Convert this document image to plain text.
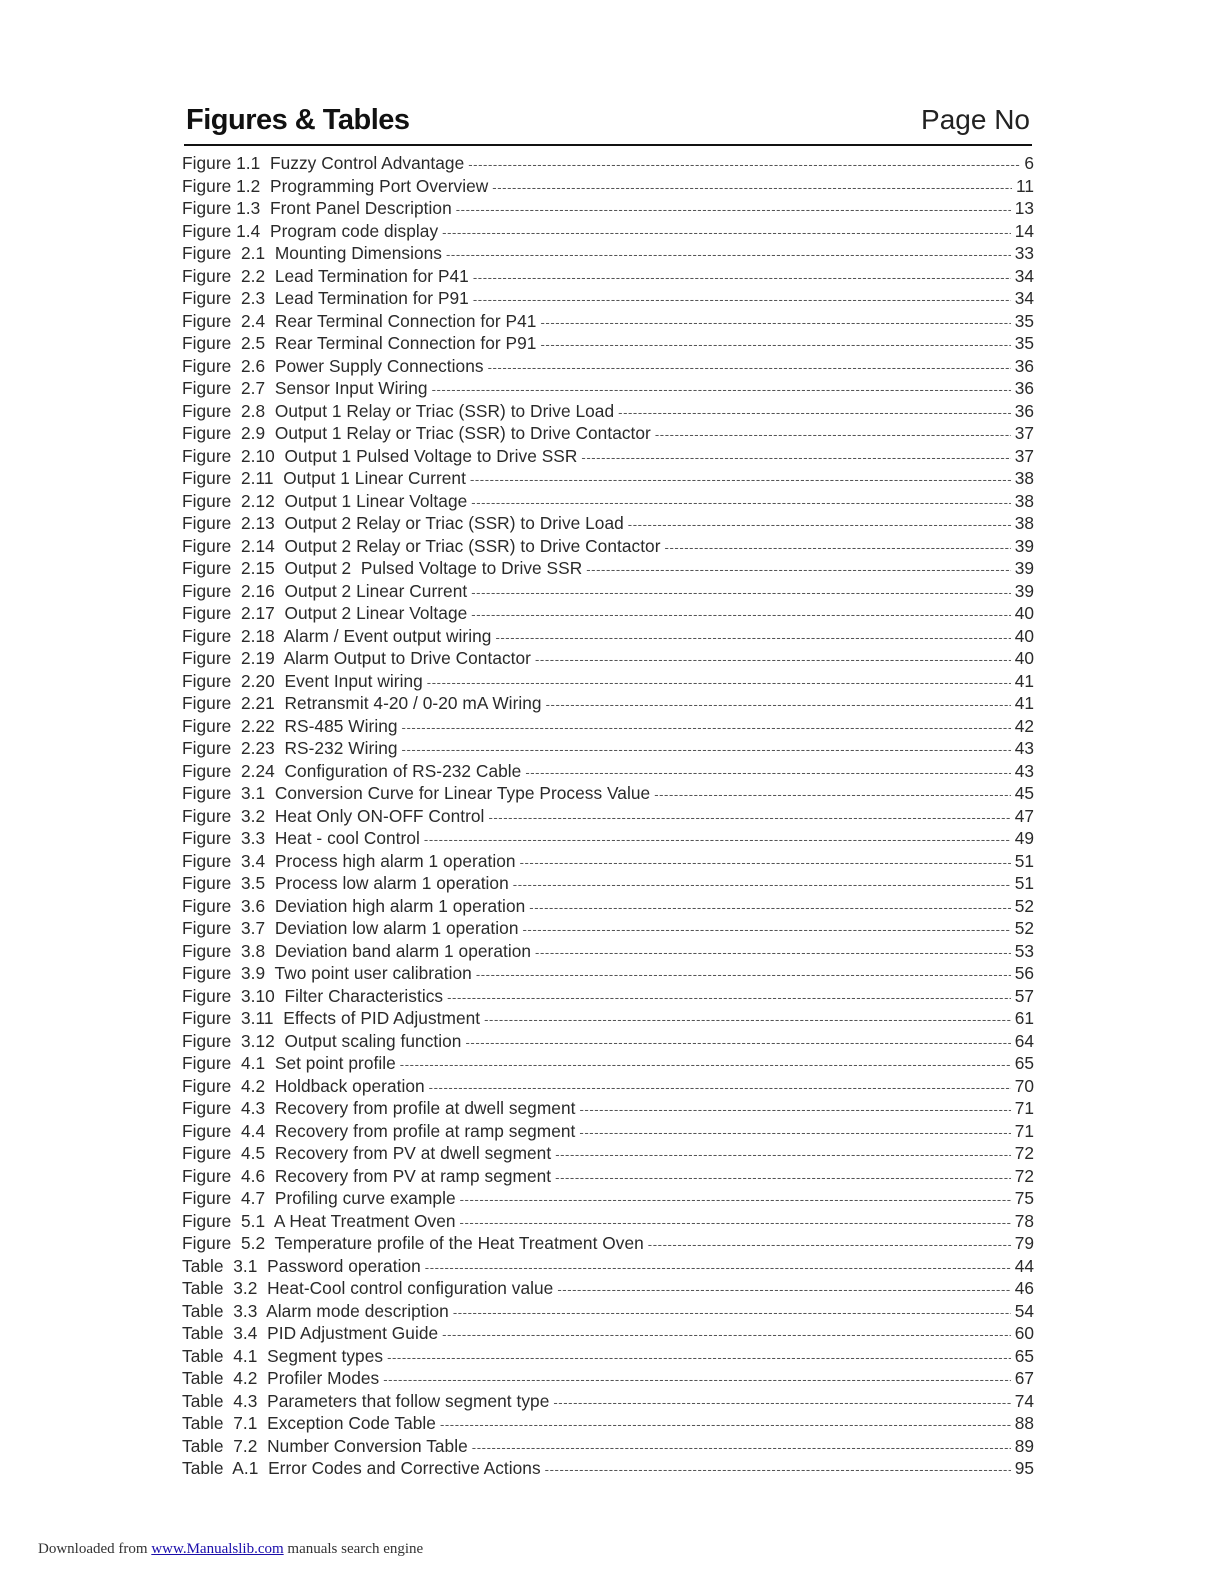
Figures & Tables	Page No
Figure 1.1  Fuzzy Control Advantage -----	6
Figure 1.2  Programming Port Overview -----	11
Figure 1.3  Front Panel Description -----	13
Figure 1.4  Program code display -----	14
Figure  2.1  Mounting Dimensions -----	33
Figure  2.2  Lead Termination for P41 -----	34
Figure  2.3  Lead Termination for P91 -----	34
Figure  2.4  Rear Terminal Connection for P41 -----	35
Figure  2.5  Rear Terminal Connection for P91 -----	35
Figure  2.6  Power Supply Connections -----	36
Figure  2.7  Sensor Input Wiring -----	36
Figure  2.8  Output 1 Relay or Triac (SSR) to Drive Load -----	36
Figure  2.9  Output 1 Relay or Triac (SSR) to Drive Contactor -----	37
Figure  2.10  Output 1 Pulsed Voltage to Drive SSR -----	37
Figure  2.11  Output 1 Linear Current -----	38
Figure  2.12  Output 1 Linear Voltage -----	38
Figure  2.13  Output 2 Relay or Triac (SSR) to Drive Load -----	38
Figure  2.14  Output 2 Relay or Triac (SSR) to Drive Contactor -----	39
Figure  2.15  Output 2  Pulsed Voltage to Drive SSR -----	39
Figure  2.16  Output 2 Linear Current -----	39
Figure  2.17  Output 2 Linear Voltage -----	40
Figure  2.18  Alarm / Event output wiring -----	40
Figure  2.19  Alarm Output to Drive Contactor -----	40
Figure  2.20  Event Input wiring -----	41
Figure  2.21  Retransmit 4-20 / 0-20 mA Wiring -----	41
Figure  2.22  RS-485 Wiring -----	42
Figure  2.23  RS-232 Wiring -----	43
Figure  2.24  Configuration of RS-232 Cable -----	43
Figure  3.1  Conversion Curve for Linear Type Process Value -----	45
Figure  3.2  Heat Only ON-OFF Control -----	47
Figure  3.3  Heat - cool Control -----	49
Figure  3.4  Process high alarm 1 operation -----	51
Figure  3.5  Process low alarm 1 operation -----	51
Figure  3.6  Deviation high alarm 1 operation -----	52
Figure  3.7  Deviation low alarm 1 operation -----	52
Figure  3.8  Deviation band alarm 1 operation -----	53
Figure  3.9  Two point user calibration -----	56
Figure  3.10  Filter Characteristics -----	57
Figure  3.11  Effects of PID Adjustment -----	61
Figure  3.12  Output scaling function -----	64
Figure  4.1  Set point profile -----	65
Figure  4.2  Holdback operation -----	70
Figure  4.3  Recovery from profile at dwell segment -----	71
Figure  4.4  Recovery from profile at ramp segment -----	71
Figure  4.5  Recovery from PV at dwell segment -----	72
Figure  4.6  Recovery from PV at ramp segment -----	72
Figure  4.7  Profiling curve example -----	75
Figure  5.1  A Heat Treatment Oven -----	78
Figure  5.2  Temperature profile of the Heat Treatment Oven -----	79
Table  3.1  Password operation -----	44
Table  3.2  Heat-Cool control configuration value -----	46
Table  3.3  Alarm mode description -----	54
Table  3.4  PID Adjustment Guide -----	60
Table  4.1  Segment types -----	65
Table  4.2  Profiler Modes -----	67
Table  4.3  Parameters that follow segment type -----	74
Table  7.1  Exception Code Table -----	88
Table  7.2  Number Conversion Table -----	89
Table  A.1  Error Codes and Corrective Actions -----	95
Downloaded from www.Manualslib.com manuals search engine
